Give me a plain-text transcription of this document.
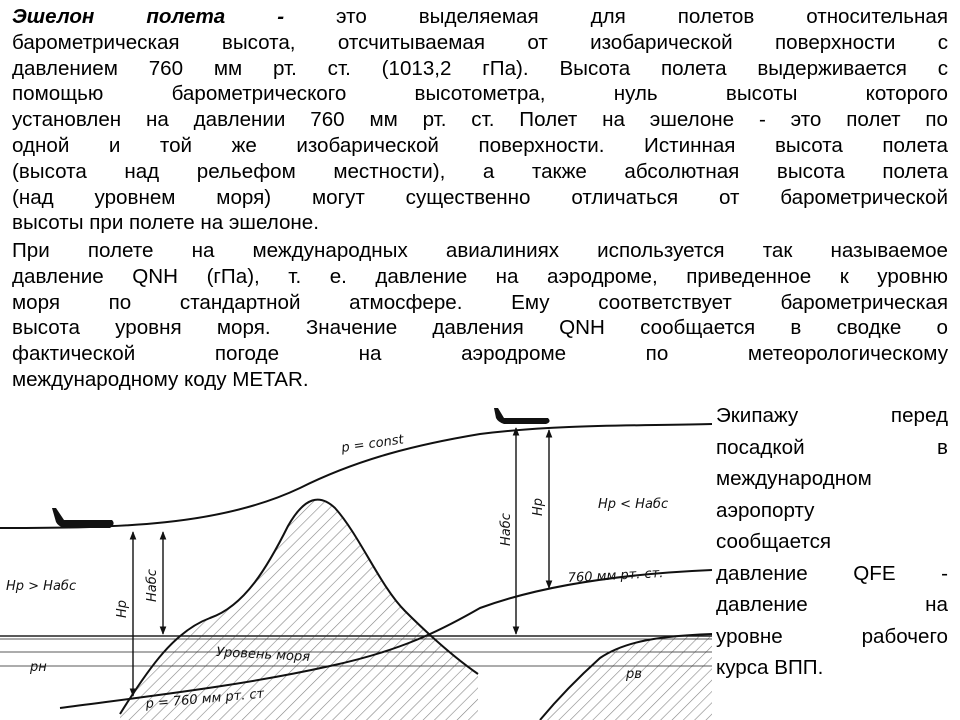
Эшелон полета - это выделяемая для полетов относительная
барометрическая высота, отсчитываемая от изобарической поверхности с
давлением 760 мм рт. ст. (1013,2 гПа). Высота полета выдерживается с
помощью барометрического высотометра, нуль высоты которого
установлен на давлении 760 мм рт. ст. Полет на эшелоне - это полет по
одной и той же изобарической поверхности. Истинная высота полета
(высота над рельефом местности), а также абсолютная высота полета
(над уровнем моря) могут существенно отличаться от барометрической
высоты при полете на эшелоне.
При полете на международных авиалиниях используется так называемое
давление QNH (гПа), т. е. давление на аэродроме, приведенное к уровню
моря по стандартной атмосфере. Ему соответствует барометрическая
высота уровня моря. Значение давления QNH сообщается в сводке о
фактической погоде на аэродроме по метеорологическому
международному коду METAR.
Экипажу перед
посадкой в
международном
аэропорту
сообщается
давление QFE -
давление на
уровне рабочего
курса ВПП.
p = const
Hp > Hабс
Hp < Hабс
Hp
Hабс
Hабс
Hp
760 мм рт. ст.
Уровень моря
p = 760 мм рт. ст
pн	pв
